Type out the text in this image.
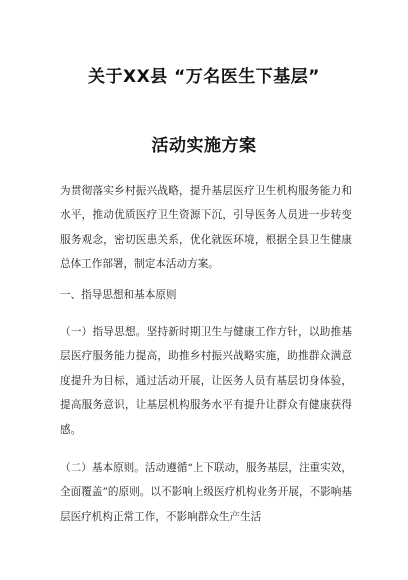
关于XX县 “万名医生下基层”
活动实施方案
为贯彻落实乡村振兴战略，提升基层医疗卫生机构服务能力和水平，推动优质医疗卫生资源下沉，引导医务人员进一步转变服务观念，密切医患关系，优化就医环境，根据全县卫生健康总体工作部署，制定本活动方案。
一、指导思想和基本原则
（一）指导思想。坚持新时期卫生与健康工作方针，以助推基层医疗服务能力提高，助推乡村振兴战略实施，助推群众满意度提升为目标，通过活动开展，让医务人员有基层切身体验，提高服务意识，让基层机构服务水平有提升让群众有健康获得感。
（二）基本原则。活动遵循“上下联动，服务基层，注重实效，全面覆盖”的原则。以不影响上级医疗机构业务开展，不影响基层医疗机构正常工作，不影响群众生产生活
